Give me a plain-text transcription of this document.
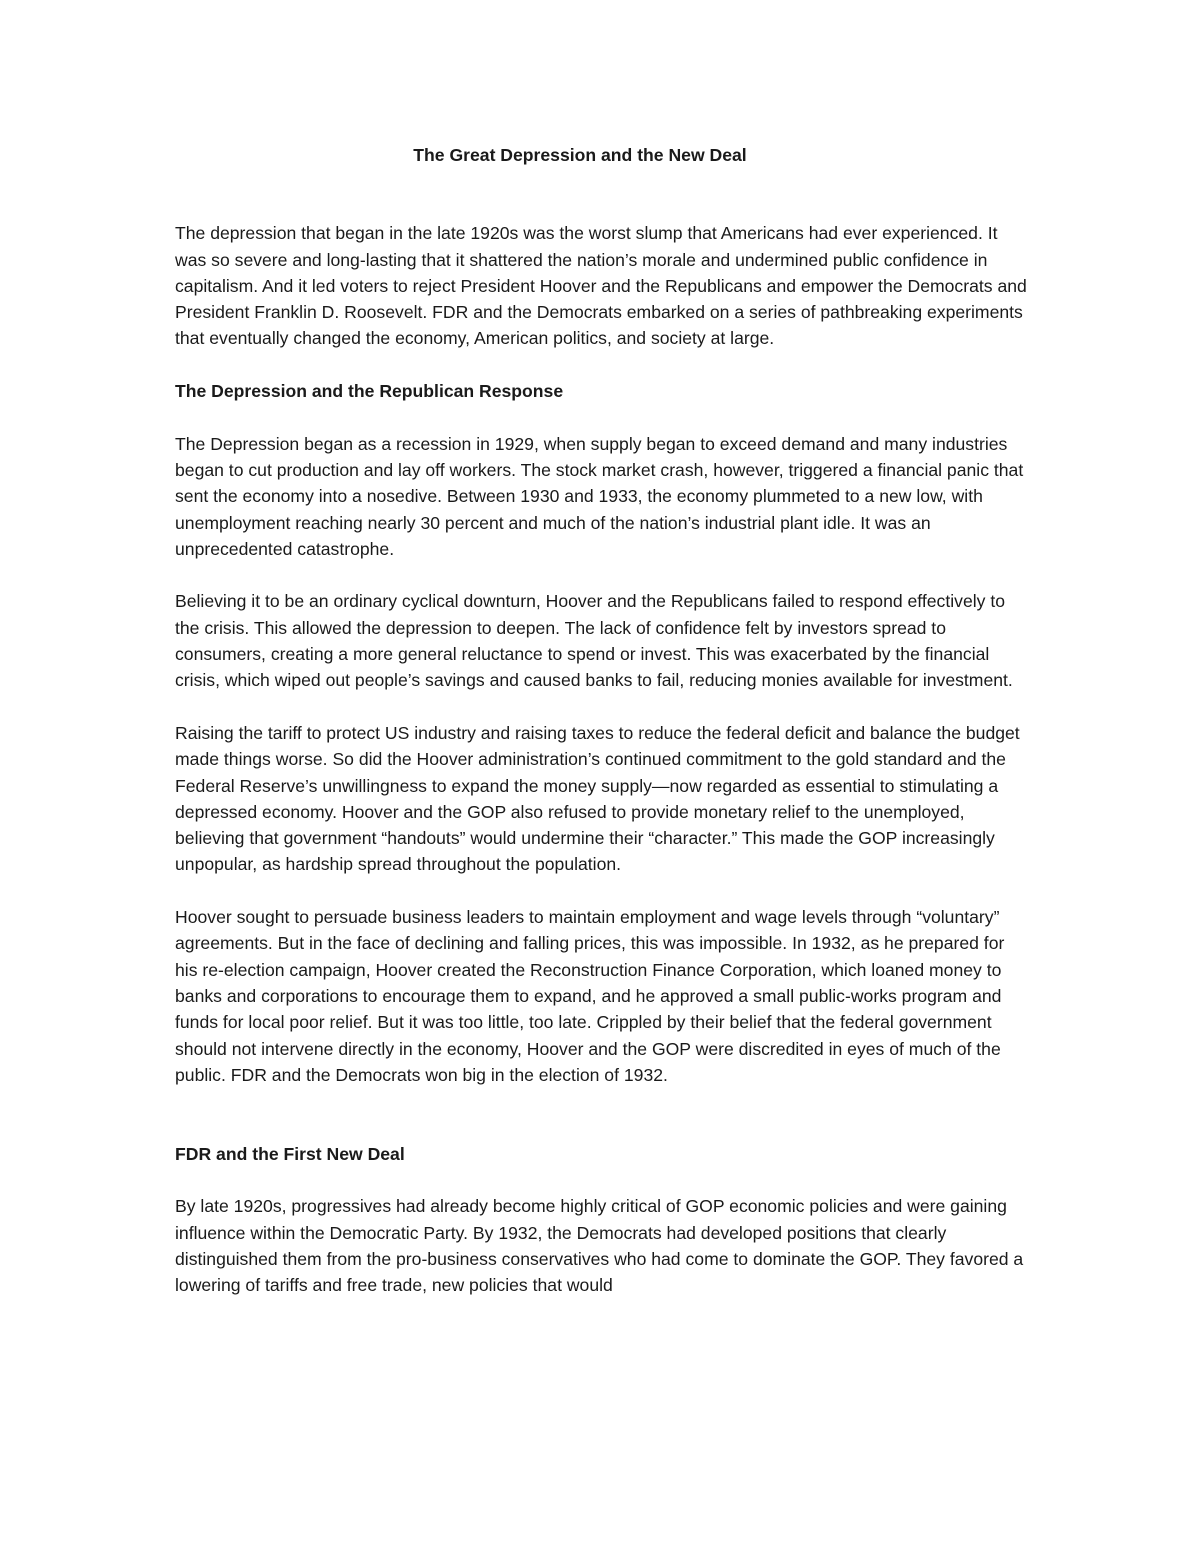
The Great Depression and the New Deal

The depression that began in the late 1920s was the worst slump that Americans had ever experienced. It was so severe and long-lasting that it shattered the nation’s morale and undermined public confidence in capitalism. And it led voters to reject President Hoover and the Republicans and empower the Democrats and President Franklin D. Roosevelt. FDR and the Democrats embarked on a series of pathbreaking experiments that eventually changed the economy, American politics, and society at large.

The Depression and the Republican Response

The Depression began as a recession in 1929, when supply began to exceed demand and many industries began to cut production and lay off workers. The stock market crash, however, triggered a financial panic that sent the economy into a nosedive. Between 1930 and 1933, the economy plummeted to a new low, with unemployment reaching nearly 30 percent and much of the nation’s industrial plant idle. It was an unprecedented catastrophe.

Believing it to be an ordinary cyclical downturn, Hoover and the Republicans failed to respond effectively to the crisis. This allowed the depression to deepen. The lack of confidence felt by investors spread to consumers, creating a more general reluctance to spend or invest. This was exacerbated by the financial crisis, which wiped out people’s savings and caused banks to fail, reducing monies available for investment.

Raising the tariff to protect US industry and raising taxes to reduce the federal deficit and balance the budget made things worse. So did the Hoover administration’s continued commitment to the gold standard and the Federal Reserve’s unwillingness to expand the money supply—now regarded as essential to stimulating a depressed economy. Hoover and the GOP also refused to provide monetary relief to the unemployed, believing that government “handouts” would undermine their “character.” This made the GOP increasingly unpopular, as hardship spread throughout the population.

Hoover sought to persuade business leaders to maintain employment and wage levels through “voluntary” agreements. But in the face of declining and falling prices, this was impossible. In 1932, as he prepared for his re-election campaign, Hoover created the Reconstruction Finance Corporation, which loaned money to banks and corporations to encourage them to expand, and he approved a small public-works program and funds for local poor relief. But it was too little, too late. Crippled by their belief that the federal government should not intervene directly in the economy, Hoover and the GOP were discredited in eyes of much of the public. FDR and the Democrats won big in the election of 1932.

FDR and the First New Deal

By late 1920s, progressives had already become highly critical of GOP economic policies and were gaining influence within the Democratic Party. By 1932, the Democrats had developed positions that clearly distinguished them from the pro-business conservatives who had come to dominate the GOP. They favored a lowering of tariffs and free trade, new policies that would
